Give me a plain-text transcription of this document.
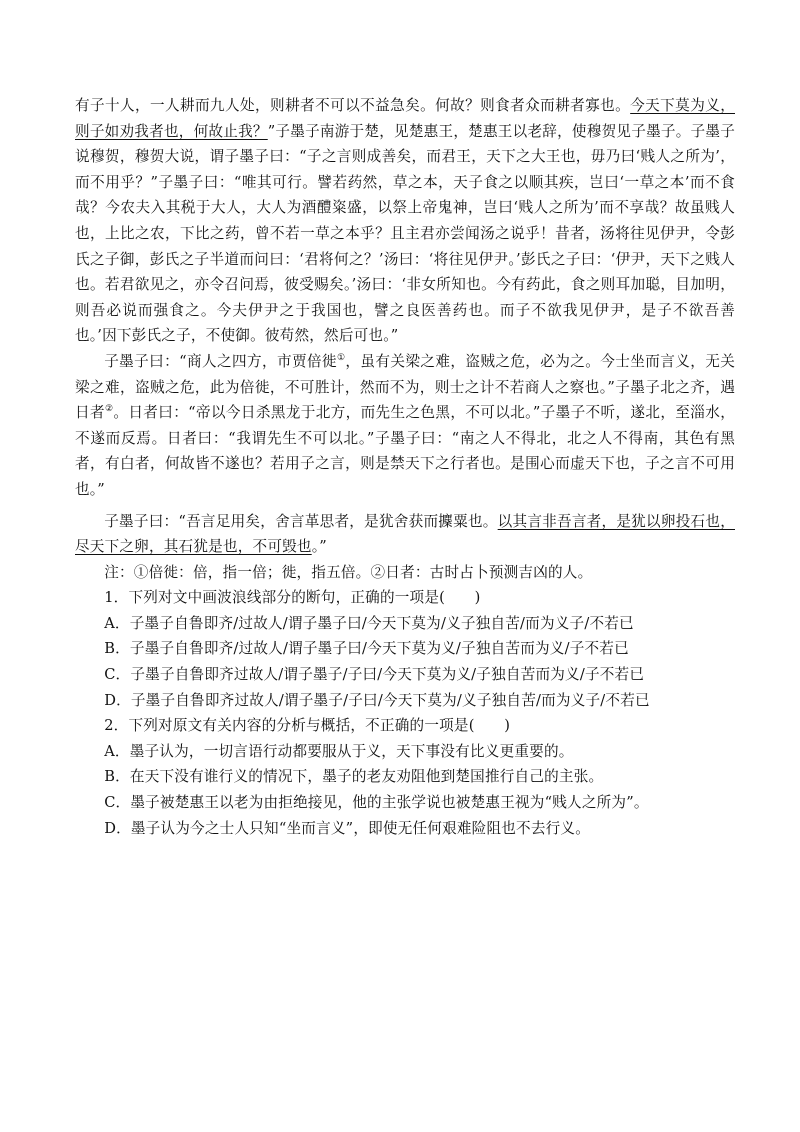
有子十人，一人耕而九人处，则耕者不可以不益急矣。何故？则食者众而耕者寡也。今天下莫为义，则子如劝我者也，何故止我？”子墨子南游于楚，见楚惠王，楚惠王以老辞，使穆贺见子墨子。子墨子说穆贺，穆贺大说，谓子墨子曰：“子之言则成善矣，而君王，天下之大王也，毋乃曰‘贱人之所为’，而不用乎？”子墨子曰：“唯其可行。譬若药然，草之本，天子食之以顺其疾，岂曰‘一草之本’而不食哉？今农夫入其税于大人，大人为酒醴粢盛，以祭上帝鬼神，岂曰‘贱人之所为’而不享哉？故虽贱人也，上比之农，下比之药，曾不若一草之本乎？且主君亦尝闻汤之说乎！昔者，汤将往见伊尹，令彭氏之子御，彭氏之子半道而问曰：‘君将何之？’汤曰：‘将往见伊尹。’彭氏之子曰：‘伊尹，天下之贱人也。若君欲见之，亦令召问焉，彼受赐矣。’汤曰：‘非女所知也。今有药此，食之则耳加聪，目加明，则吾必说而强食之。今夫伊尹之于我国也，譬之良医善药也。而子不欲我见伊尹，是子不欲吾善也。’因下彭氏之子，不使御。彼苟然，然后可也。”

子墨子曰：“商人之四方，市贾倍徙①，虽有关梁之难，盗贼之危，必为之。今士坐而言义，无关梁之难，盗贼之危，此为倍徙，不可胜计，然而不为，则士之计不若商人之察也。”子墨子北之齐，遇日者②。日者曰：“帝以今日杀黑龙于北方，而先生之色黑，不可以北。”子墨子不听，遂北，至淄水，不遂而反焉。日者曰：“我谓先生不可以北。”子墨子曰：“南之人不得北，北之人不得南，其色有黑者，有白者，何故皆不遂也？若用子之言，则是禁天下之行者也。是围心而虚天下也，子之言不可用也。”

子墨子曰：“吾言足用矣，舍言革思者，是犹舍获而攈粟也。以其言非吾言者，是犹以卵投石也，尽天下之卵，其石犹是也，不可毁也。”

注：①倍徙：倍，指一倍；徙，指五倍。②日者：古时占卜预测吉凶的人。

1．下列对文中画波浪线部分的断句，正确的一项是(　　)

A．子墨子自鲁即齐/过故人/谓子墨子曰/今天下莫为/义子独自苦/而为义子/不若已

B．子墨子自鲁即齐/过故人/谓子墨子曰/今天下莫为义/子独自苦而为义/子不若已

C．子墨子自鲁即齐过故人/谓子墨子/子曰/今天下莫为义/子独自苦而为义/子不若已

D．子墨子自鲁即齐过故人/谓子墨子/子曰/今天下莫为/义子独自苦/而为义子/不若已

2．下列对原文有关内容的分析与概括，不正确的一项是(　　)

A．墨子认为，一切言语行动都要服从于义，天下事没有比义更重要的。

B．在天下没有谁行义的情况下，墨子的老友劝阻他到楚国推行自己的主张。

C．墨子被楚惠王以老为由拒绝接见，他的主张学说也被楚惠王视为“贱人之所为”。

D．墨子认为今之士人只知“坐而言义”，即使无任何艰难险阻也不去行义。
